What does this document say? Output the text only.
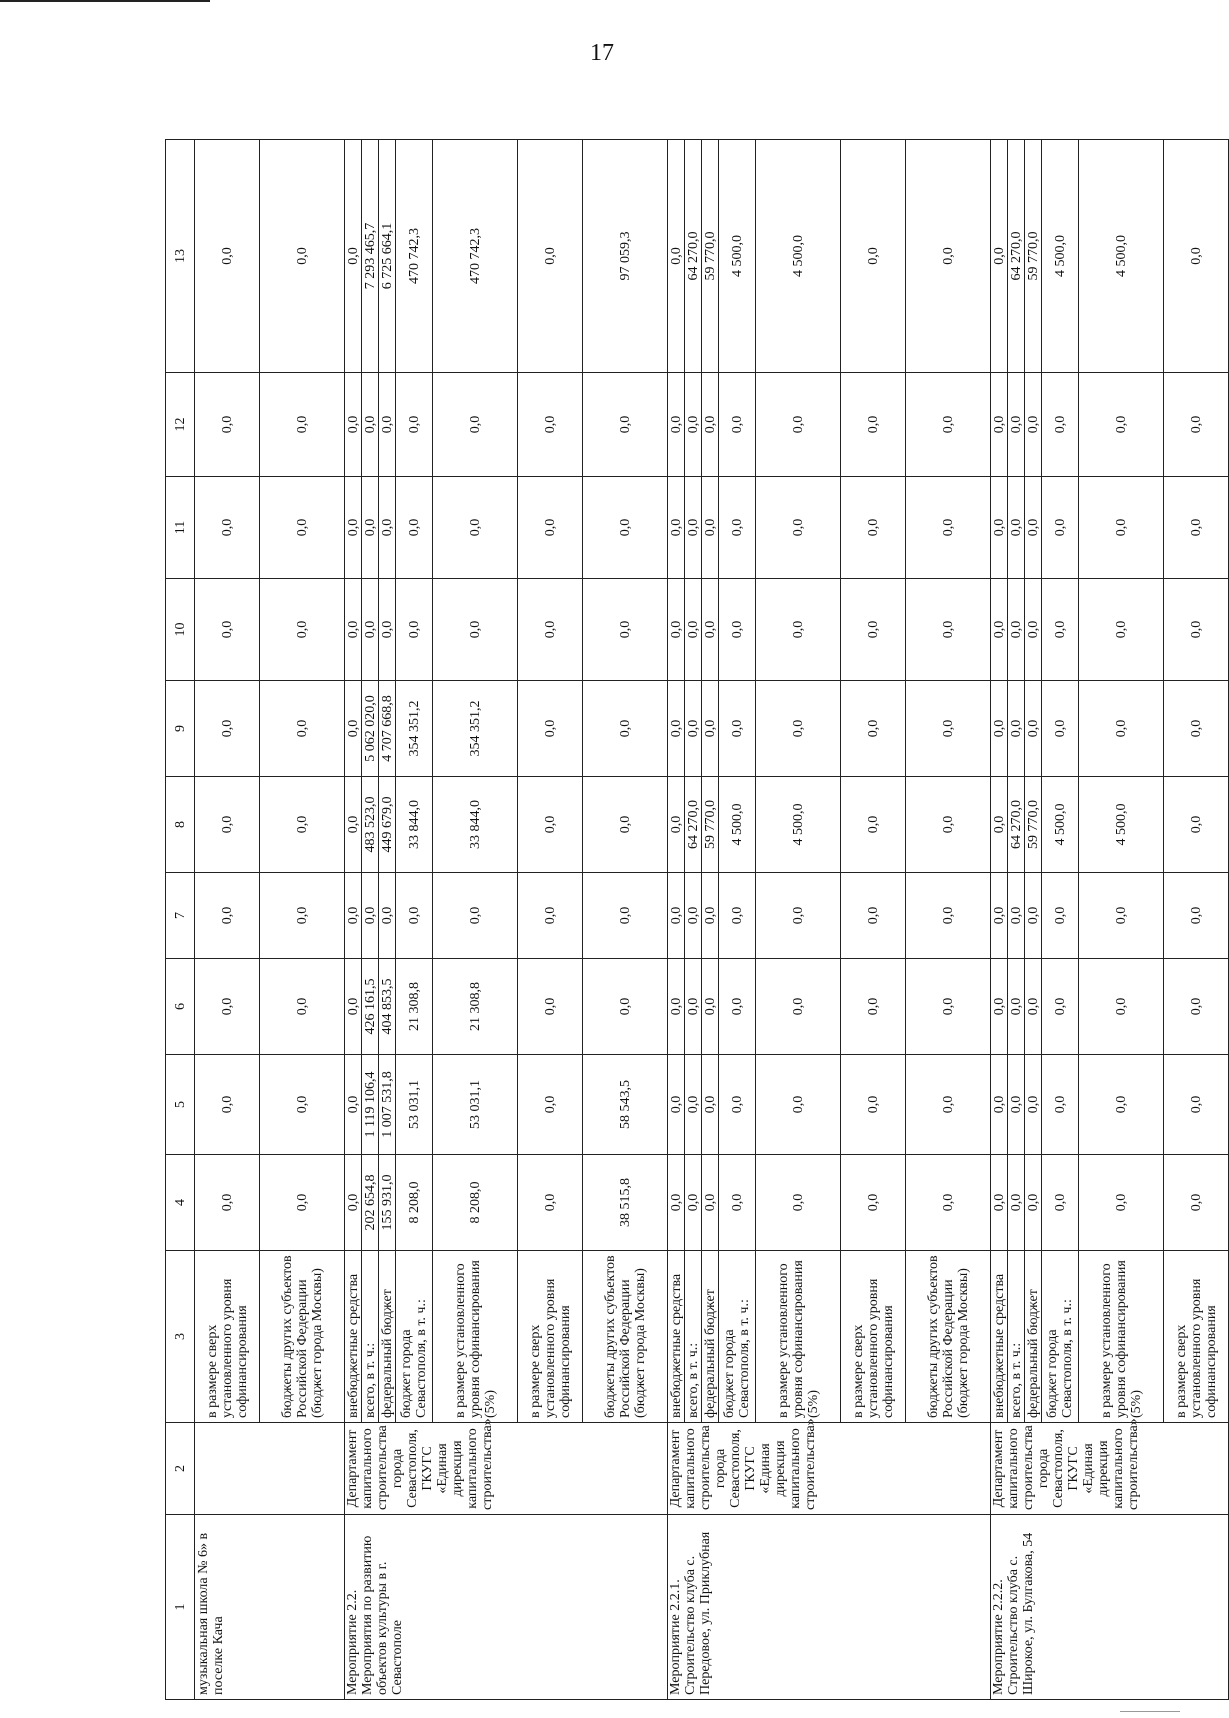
17
1	2	3	4	5	6	7	8	9	10	11	12	13
музыкальная школа № 6» в поселке Кача		в размере сверх установленного уровня софинансирования	0,0	0,0	0,0	0,0	0,0	0,0	0,0	0,0	0,0	0,0
		бюджеты других субъектов Российской Федерации (бюджет города Москвы)	0,0	0,0	0,0	0,0	0,0	0,0	0,0	0,0	0,0	0,0
Мероприятие 2.2. Мероприятия по развитию объектов культуры в г. Севастополе	Департамент капитального строительства города Севастополя, ГКУГС «Единая дирекция капитального строительства»	внебюджетные средства	0,0	0,0	0,0	0,0	0,0	0,0	0,0	0,0	0,0	0,0
		всего, в т. ч.:	202 654,8	1 119 106,4	426 161,5	0,0	483 523,0	5 062 020,0	0,0	0,0	0,0	7 293 465,7
		федеральный бюджет	155 931,0	1 007 531,8	404 853,5	0,0	449 679,0	4 707 668,8	0,0	0,0	0,0	6 725 664,1
		бюджет города Севастополя, в т. ч.:	8 208,0	53 031,1	21 308,8	0,0	33 844,0	354 351,2	0,0	0,0	0,0	470 742,3
		в размере установленного уровня софинансирования (5%)	8 208,0	53 031,1	21 308,8	0,0	33 844,0	354 351,2	0,0	0,0	0,0	470 742,3
		в размере сверх установленного уровня софинансирования	0,0	0,0	0,0	0,0	0,0	0,0	0,0	0,0	0,0	0,0
		бюджеты других субъектов Российской Федерации (бюджет города Москвы)	38 515,8	58 543,5	0,0	0,0	0,0	0,0	0,0	0,0	0,0	97 059,3
Мероприятие 2.2.1. Строительство клуба с. Передовое, ул. Приклубная	Департамент капитального строительства города Севастополя, ГКУГС «Единая дирекция капитального строительства»	внебюджетные средства	0,0	0,0	0,0	0,0	0,0	0,0	0,0	0,0	0,0	0,0
		всего, в т. ч.:	0,0	0,0	0,0	0,0	64 270,0	0,0	0,0	0,0	0,0	64 270,0
		федеральный бюджет	0,0	0,0	0,0	0,0	59 770,0	0,0	0,0	0,0	0,0	59 770,0
		бюджет города Севастополя, в т. ч.:	0,0	0,0	0,0	0,0	4 500,0	0,0	0,0	0,0	0,0	4 500,0
		в размере установленного уровня софинансирования (5%)	0,0	0,0	0,0	0,0	4 500,0	0,0	0,0	0,0	0,0	4 500,0
		в размере сверх установленного уровня софинансирования	0,0	0,0	0,0	0,0	0,0	0,0	0,0	0,0	0,0	0,0
		бюджеты других субъектов Российской Федерации (бюджет города Москвы)	0,0	0,0	0,0	0,0	0,0	0,0	0,0	0,0	0,0	0,0
Мероприятие 2.2.2. Строительство клуба с. Широкое, ул. Булгакова, 54	Департамент капитального строительства города Севастополя, ГКУГС «Единая дирекция капитального строительства»	внебюджетные средства	0,0	0,0	0,0	0,0	0,0	0,0	0,0	0,0	0,0	0,0
		всего, в т. ч.:	0,0	0,0	0,0	0,0	64 270,0	0,0	0,0	0,0	0,0	64 270,0
		федеральный бюджет	0,0	0,0	0,0	0,0	59 770,0	0,0	0,0	0,0	0,0	59 770,0
		бюджет города Севастополя, в т. ч.:	0,0	0,0	0,0	0,0	4 500,0	0,0	0,0	0,0	0,0	4 500,0
		в размере установленного уровня софинансирования (5%)	0,0	0,0	0,0	0,0	4 500,0	0,0	0,0	0,0	0,0	4 500,0
		в размере сверх установленного уровня софинансирования	0,0	0,0	0,0	0,0	0,0	0,0	0,0	0,0	0,0	0,0
